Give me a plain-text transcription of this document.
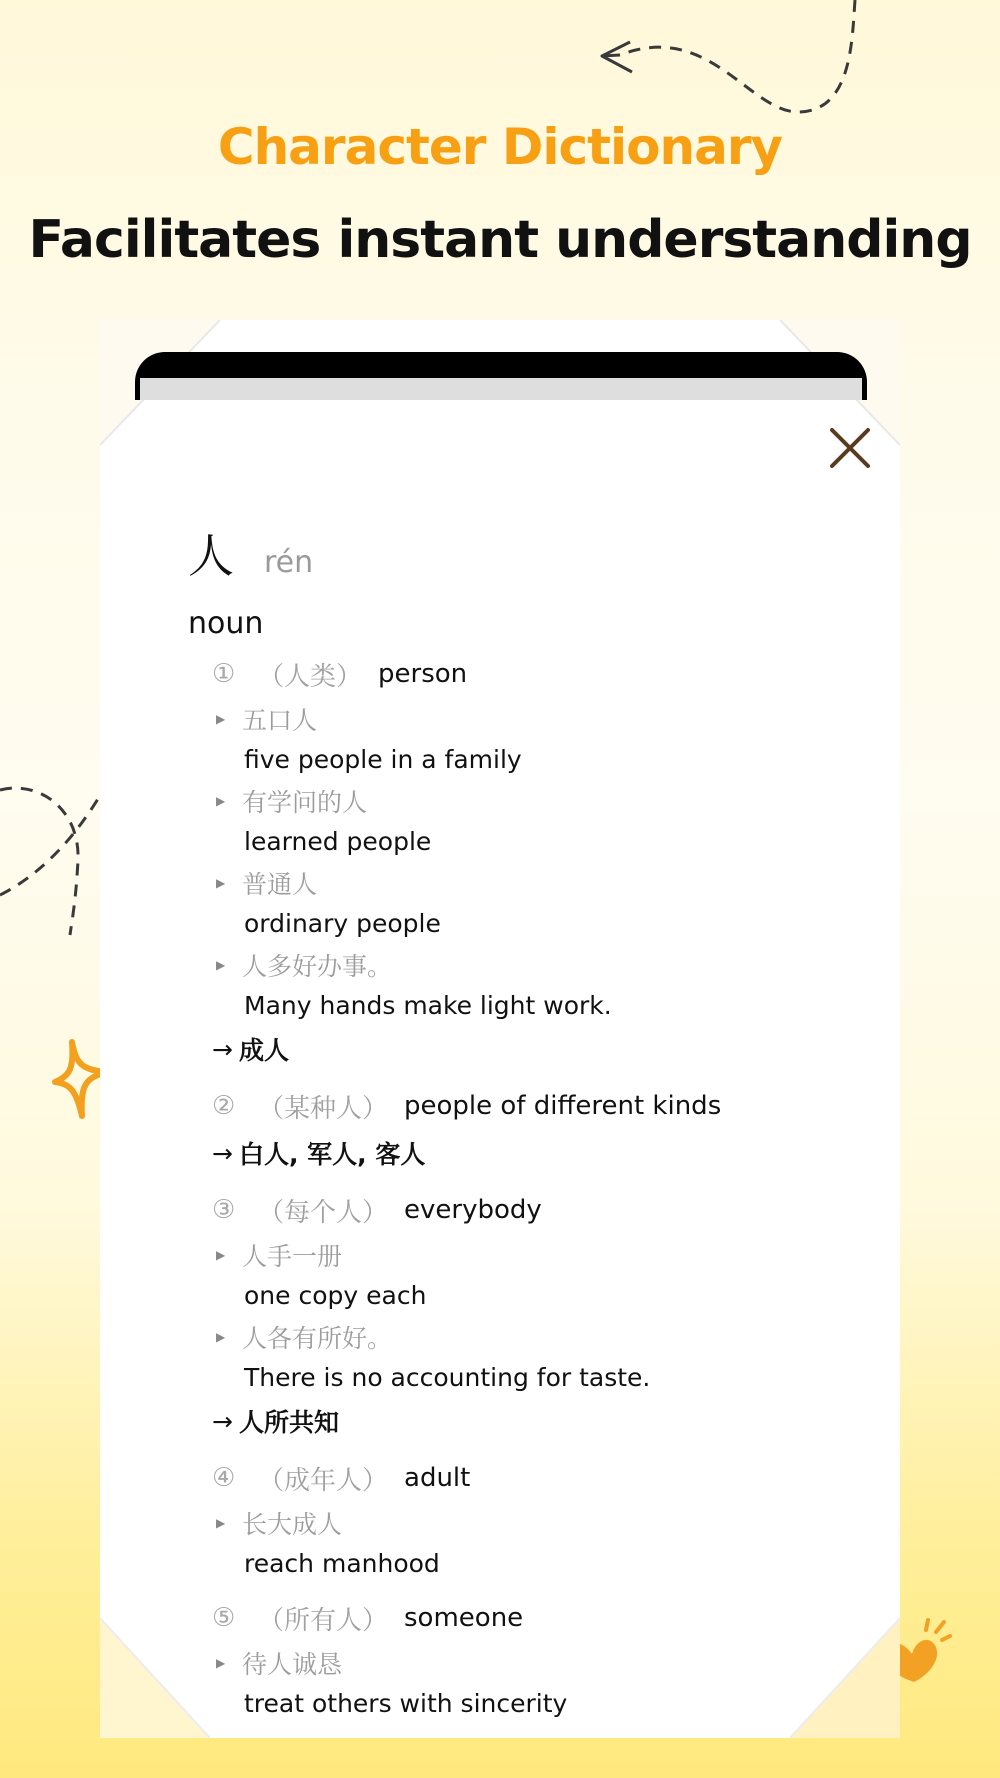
Character Dictionary
Facilitates instant understanding
人 rén
noun
① （人类） person
▶ 五口人
five people in a family
▶ 有学问的人
learned people
▶ 普通人
ordinary people
▶ 人多好办事。
Many hands make light work.
→ 成人
② （某种人） people of different kinds
→ 白人, 军人, 客人
③ （每个人） everybody
▶ 人手一册
one copy each
▶ 人各有所好。
There is no accounting for taste.
→ 人所共知
④ （成年人） adult
▶ 长大成人
reach manhood
⑤ （所有人） someone
▶ 待人诚恳
treat others with sincerity
